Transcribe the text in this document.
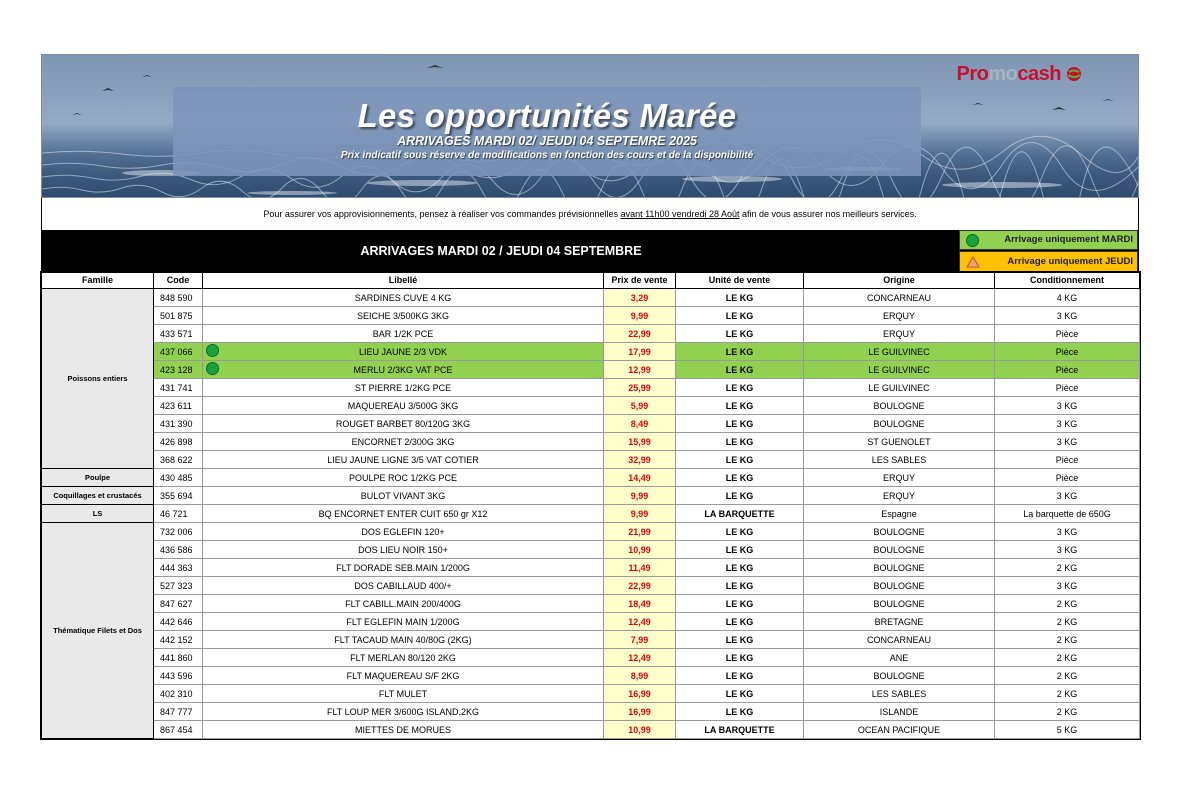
Les opportunités Marée
ARRIVAGES MARDI 02/ JEUDI 04 SEPTEMRE 2025
Prix indicatif sous réserve de modifications en fonction des cours et de la disponibilité
Promocash
Pour assurer vos approvisionnements, pensez à réaliser vos commandes prévisionnelles avant 11h00 vendredi 28 Août afin de vous assurer nos meilleurs services.
ARRIVAGES MARDI 02 / JEUDI 04 SEPTEMBRE
Arrivage uniquement MARDI
Arrivage uniquement JEUDI
Famille	Code	Libellé	Prix de vente	Unité de vente	Origine	Conditionnement
Poissons entiers	848 590	SARDINES CUVE 4 KG	3,29	LE KG	CONCARNEAU	4 KG
	501 875	SEICHE 3/500KG 3KG	9,99	LE KG	ERQUY	3 KG
	433 571	BAR 1/2K PCE	22,99	LE KG	ERQUY	Pièce
	437 066	LIEU JAUNE 2/3 VDK	17,99	LE KG	LE GUILVINEC	Pièce
	423 128	MERLU 2/3KG VAT PCE	12,99	LE KG	LE GUILVINEC	Pièce
	431 741	ST PIERRE 1/2KG PCE	25,99	LE KG	LE GUILVINEC	Pièce
	423 611	MAQUEREAU 3/500G 3KG	5,99	LE KG	BOULOGNE	3 KG
	431 390	ROUGET BARBET 80/120G 3KG	8,49	LE KG	BOULOGNE	3 KG
	426 898	ENCORNET 2/300G 3KG	15,99	LE KG	ST GUENOLET	3 KG
	368 622	LIEU JAUNE LIGNE 3/5 VAT COTIER	32,99	LE KG	LES SABLES	Pièce
Poulpe	430 485	POULPE ROC 1/2KG PCE	14,49	LE KG	ERQUY	Pièce
Coquillages et crustacés	355 694	BULOT VIVANT 3KG	9,99	LE KG	ERQUY	3 KG
LS	46 721	BQ ENCORNET ENTER CUIT 650 gr X12	9,99	LA BARQUETTE	Espagne	La barquette de 650G
Thématique Filets et Dos	732 006	DOS EGLEFIN 120+	21,99	LE KG	BOULOGNE	3 KG
	436 586	DOS LIEU NOIR 150+	10,99	LE KG	BOULOGNE	3 KG
	444 363	FLT DORADE SEB.MAIN 1/200G	11,49	LE KG	BOULOGNE	2 KG
	527 323	DOS CABILLAUD 400/+	22,99	LE KG	BOULOGNE	3 KG
	847 627	FLT CABILL.MAIN 200/400G	18,49	LE KG	BOULOGNE	2 KG
	442 646	FLT EGLEFIN MAIN 1/200G	12,49	LE KG	BRETAGNE	2 KG
	442 152	FLT TACAUD MAIN 40/80G (2KG)	7,99	LE KG	CONCARNEAU	2 KG
	441 860	FLT MERLAN 80/120 2KG	12,49	LE KG	ANE	2 KG
	443 596	FLT MAQUEREAU S/F 2KG	8,99	LE KG	BOULOGNE	2 KG
	402 310	FLT MULET	16,99	LE KG	LES SABLES	2 KG
	847 777	FLT LOUP MER 3/600G ISLAND.2KG	16,99	LE KG	ISLANDE	2 KG
	867 454	MIETTES DE MORUES	10,99	LA BARQUETTE	OCEAN PACIFIQUE	5 KG
